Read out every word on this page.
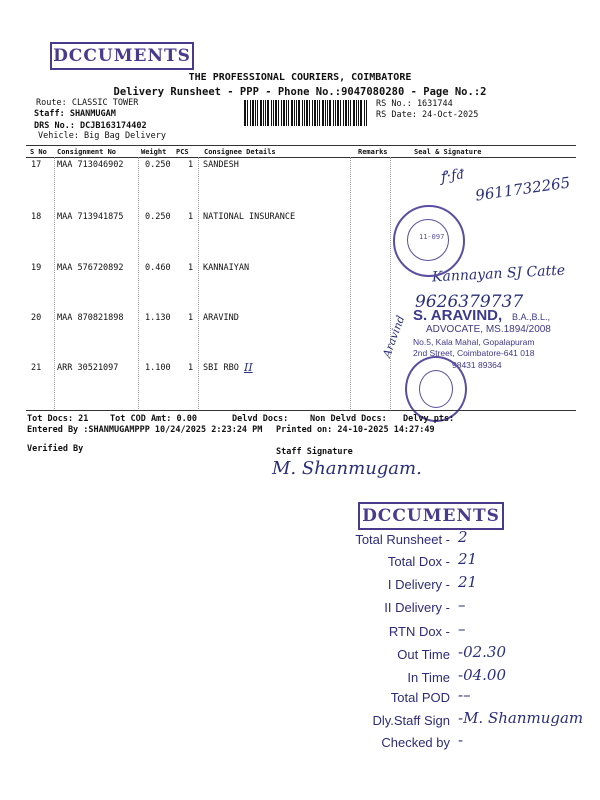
DCCUMENTS
THE PROFESSIONAL COURIERS, COIMBATORE
Delivery Runsheet - PPP - Phone No.:9047080280 - Page No.:2
Route: CLASSIC TOWER
Staff: SHANMUGAM
DRS No.: DCJB163174402
Vehicle: Big Bag Delivery
RS No.: 1631744
RS Date: 24-Oct-2025
S No Consignment No	Weight PCS Consignee Details	Remarks	Seal & Signature
17 MAA 713046902	0.250 1 SANDESH
18 MAA 713941875	0.250 1 NATIONAL INSURANCE
19 MAA 576720892	0.460 1 KANNAIYAN
20 MAA 870821898	1.130 1 ARAVIND
21 ARR 30521097	1.100 1 SBI RBO II
ꝭ·ƒᵭ 9611732265
Kannayan SJ Catte
9626379737
Aravind
11-097
S. ARAVIND, B.A.,B.L.,
ADVOCATE, MS.1894/2008
No.5, Kala Mahal, Gopalapuram
2nd Street, Coimbatore-641 018
98431 89364
Tot Docs: 21	Tot COD Amt: 0.00	Delvd Docs:	Non Delvd Docs: Delvy pts:
Entered By :SHANMUGAMPPP 10/24/2025 2:23:24 PM Printed on: 24-10-2025 14:27:49
Verified By	Staff Signature
M. Shanmugam.
DCCUMENTS
Total Runsheet - 2
Total Dox - 21
I Delivery - 21
II Delivery - –
RTN Dox - –
Out Time -02.30
In Time -04.00
Total POD -–
Dly.Staff Sign -M. Shanmugam
Checked by -
